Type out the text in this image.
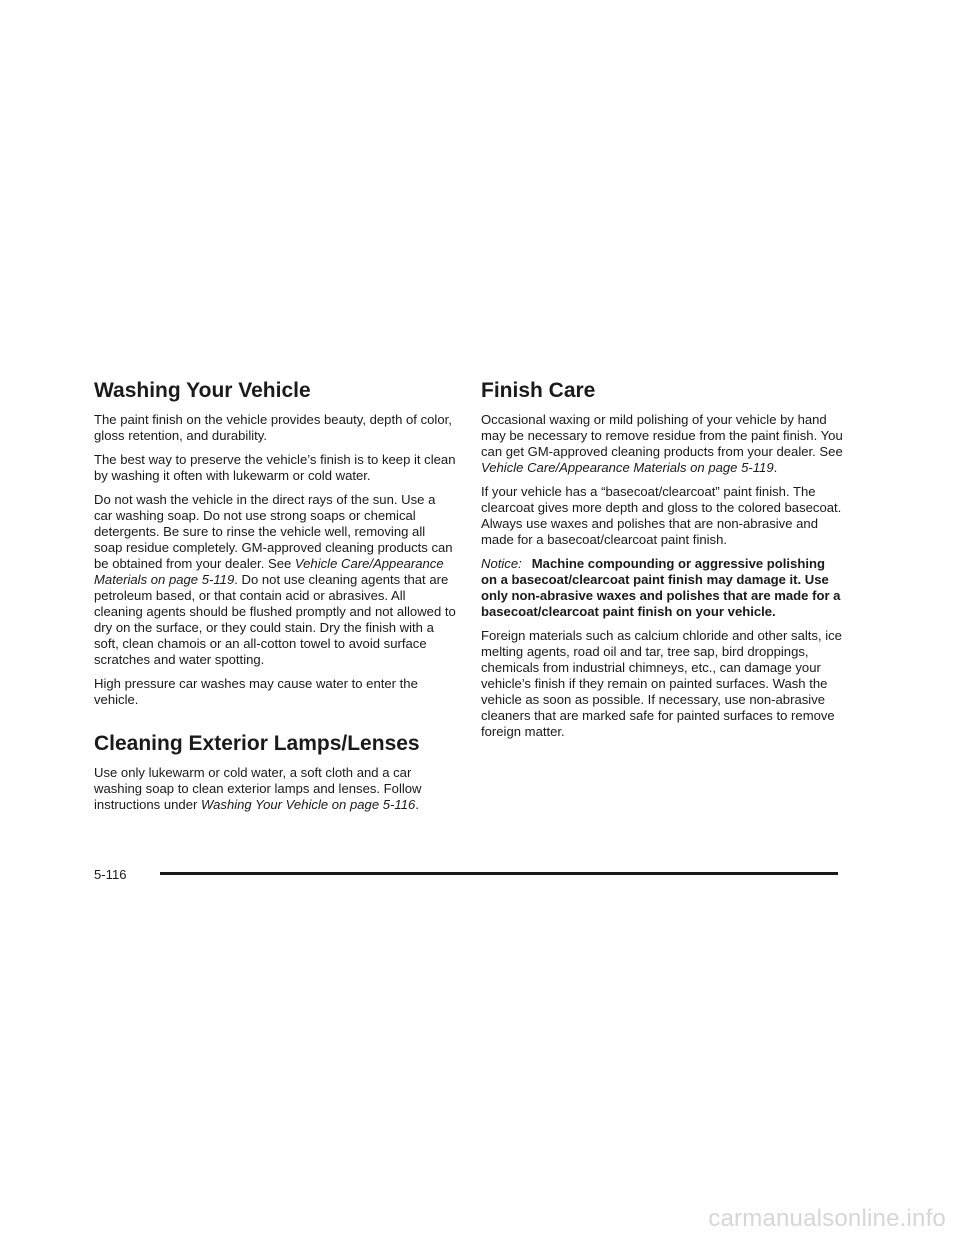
Washing Your Vehicle

The paint finish on the vehicle provides beauty, depth of color, gloss retention, and durability.

The best way to preserve the vehicle’s finish is to keep it clean by washing it often with lukewarm or cold water.

Do not wash the vehicle in the direct rays of the sun. Use a car washing soap. Do not use strong soaps or chemical detergents. Be sure to rinse the vehicle well, removing all soap residue completely. GM-approved cleaning products can be obtained from your dealer. See Vehicle Care/Appearance Materials on page 5-119. Do not use cleaning agents that are petroleum based, or that contain acid or abrasives. All cleaning agents should be flushed promptly and not allowed to dry on the surface, or they could stain. Dry the finish with a soft, clean chamois or an all-cotton towel to avoid surface scratches and water spotting.

High pressure car washes may cause water to enter the vehicle.

Cleaning Exterior Lamps/Lenses

Use only lukewarm or cold water, a soft cloth and a car washing soap to clean exterior lamps and lenses. Follow instructions under Washing Your Vehicle on page 5-116.

Finish Care

Occasional waxing or mild polishing of your vehicle by hand may be necessary to remove residue from the paint finish. You can get GM-approved cleaning products from your dealer. See Vehicle Care/Appearance Materials on page 5-119.

If your vehicle has a “basecoat/clearcoat” paint finish. The clearcoat gives more depth and gloss to the colored basecoat. Always use waxes and polishes that are non-abrasive and made for a basecoat/clearcoat paint finish.

Notice: Machine compounding or aggressive polishing on a basecoat/clearcoat paint finish may damage it. Use only non-abrasive waxes and polishes that are made for a basecoat/clearcoat paint finish on your vehicle.

Foreign materials such as calcium chloride and other salts, ice melting agents, road oil and tar, tree sap, bird droppings, chemicals from industrial chimneys, etc., can damage your vehicle’s finish if they remain on painted surfaces. Wash the vehicle as soon as possible. If necessary, use non-abrasive cleaners that are marked safe for painted surfaces to remove foreign matter.

5-116
carmanualsonline.info
